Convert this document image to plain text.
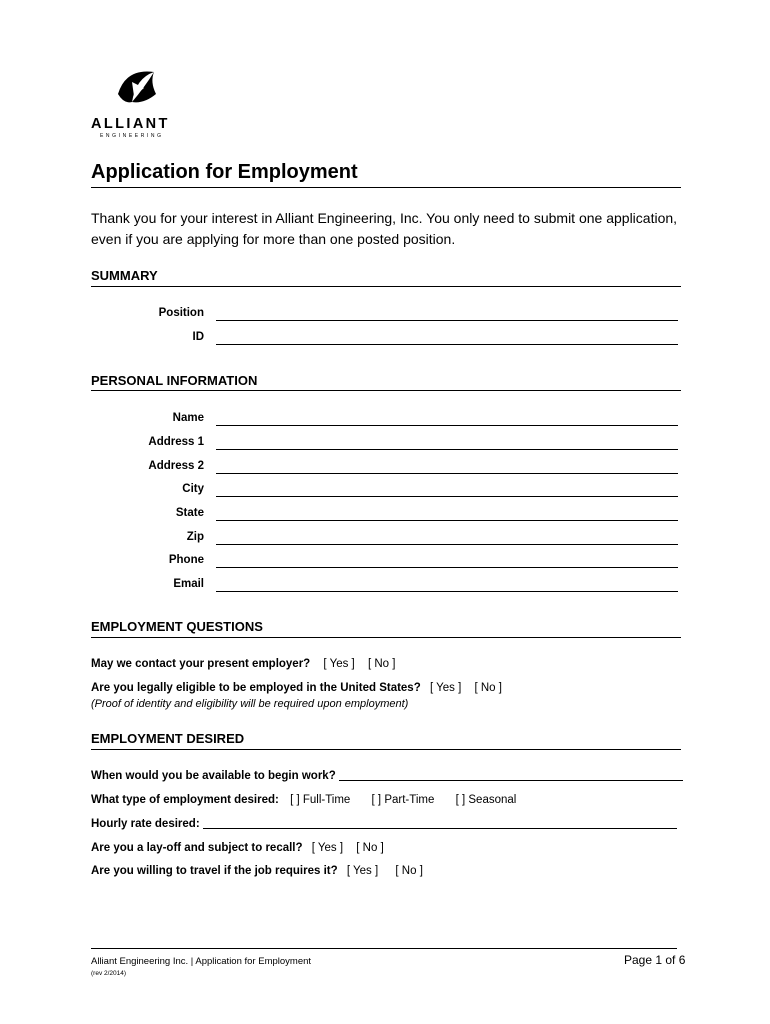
ALLIANT
ENGINEERING
Application for Employment
Thank you for your interest in Alliant Engineering, Inc. You only need to submit one application, even if you are applying for more than one posted position.
SUMMARY
Position
ID
PERSONAL INFORMATION
Name
Address 1
Address 2
City
State
Zip
Phone
Email
EMPLOYMENT QUESTIONS
May we contact your present employer? [ Yes ] [ No ]
Are you legally eligible to be employed in the United States? [ Yes ] [ No ]
(Proof of identity and eligibility will be required upon employment)
EMPLOYMENT DESIRED
When would you be available to begin work?
What type of employment desired: [ ] Full-Time [ ] Part-Time [ ] Seasonal
Hourly rate desired:
Are you a lay-off and subject to recall? [ Yes ] [ No ]
Are you willing to travel if the job requires it? [ Yes ] [ No ]
Alliant Engineering Inc. | Application for Employment
(rev 2/2014)
Page 1 of 6
